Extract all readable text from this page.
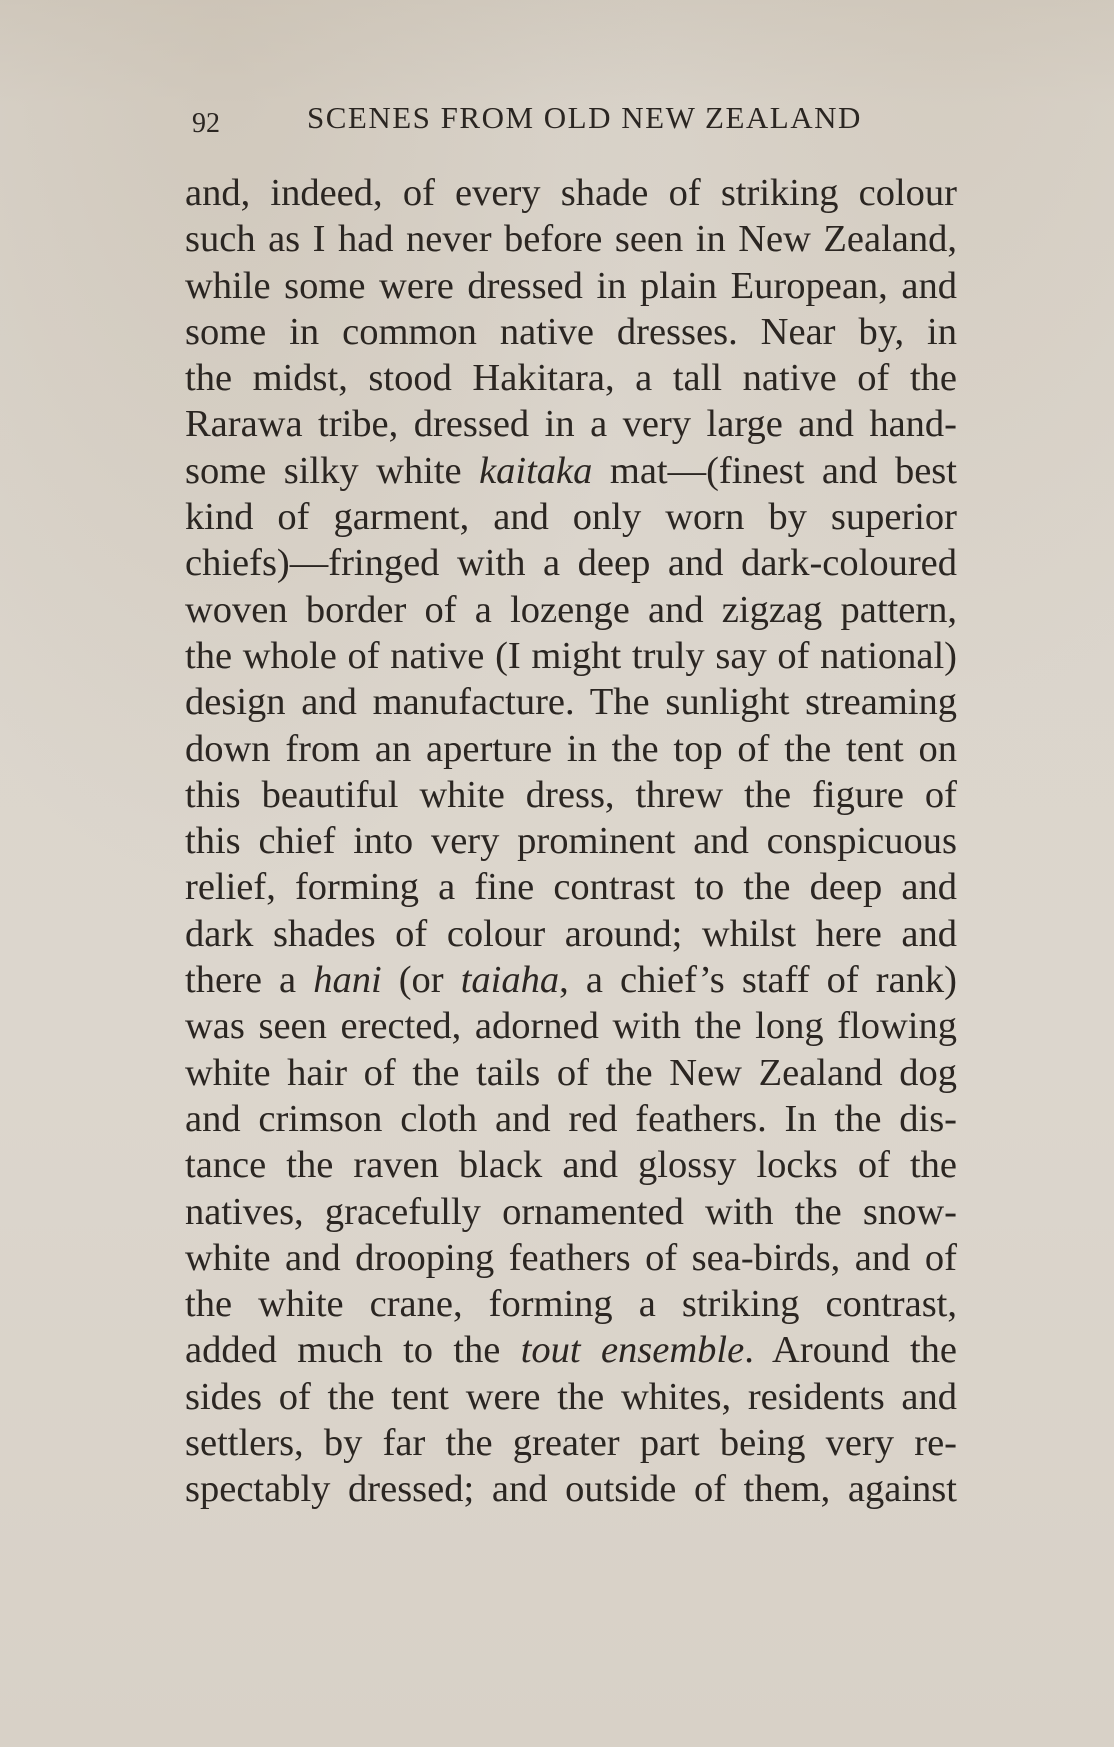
92	SCENES FROM OLD NEW ZEALAND
and, indeed, of every shade of striking colour
such as I had never before seen in New Zealand,
while some were dressed in plain European, and
some in common native dresses. Near by, in
the midst, stood Hakitara, a tall native of the
Rarawa tribe, dressed in a very large and hand-
some silky white kaitaka mat—(finest and best
kind of garment, and only worn by superior
chiefs)—fringed with a deep and dark-coloured
woven border of a lozenge and zigzag pattern,
the whole of native (I might truly say of national)
design and manufacture. The sunlight streaming
down from an aperture in the top of the tent on
this beautiful white dress, threw the figure of
this chief into very prominent and conspicuous
relief, forming a fine contrast to the deep and
dark shades of colour around; whilst here and
there a hani (or taiaha, a chief’s staff of rank)
was seen erected, adorned with the long flowing
white hair of the tails of the New Zealand dog
and crimson cloth and red feathers. In the dis-
tance the raven black and glossy locks of the
natives, gracefully ornamented with the snow-
white and drooping feathers of sea-birds, and of
the white crane, forming a striking contrast,
added much to the tout ensemble. Around the
sides of the tent were the whites, residents and
settlers, by far the greater part being very re-
spectably dressed; and outside of them, against
